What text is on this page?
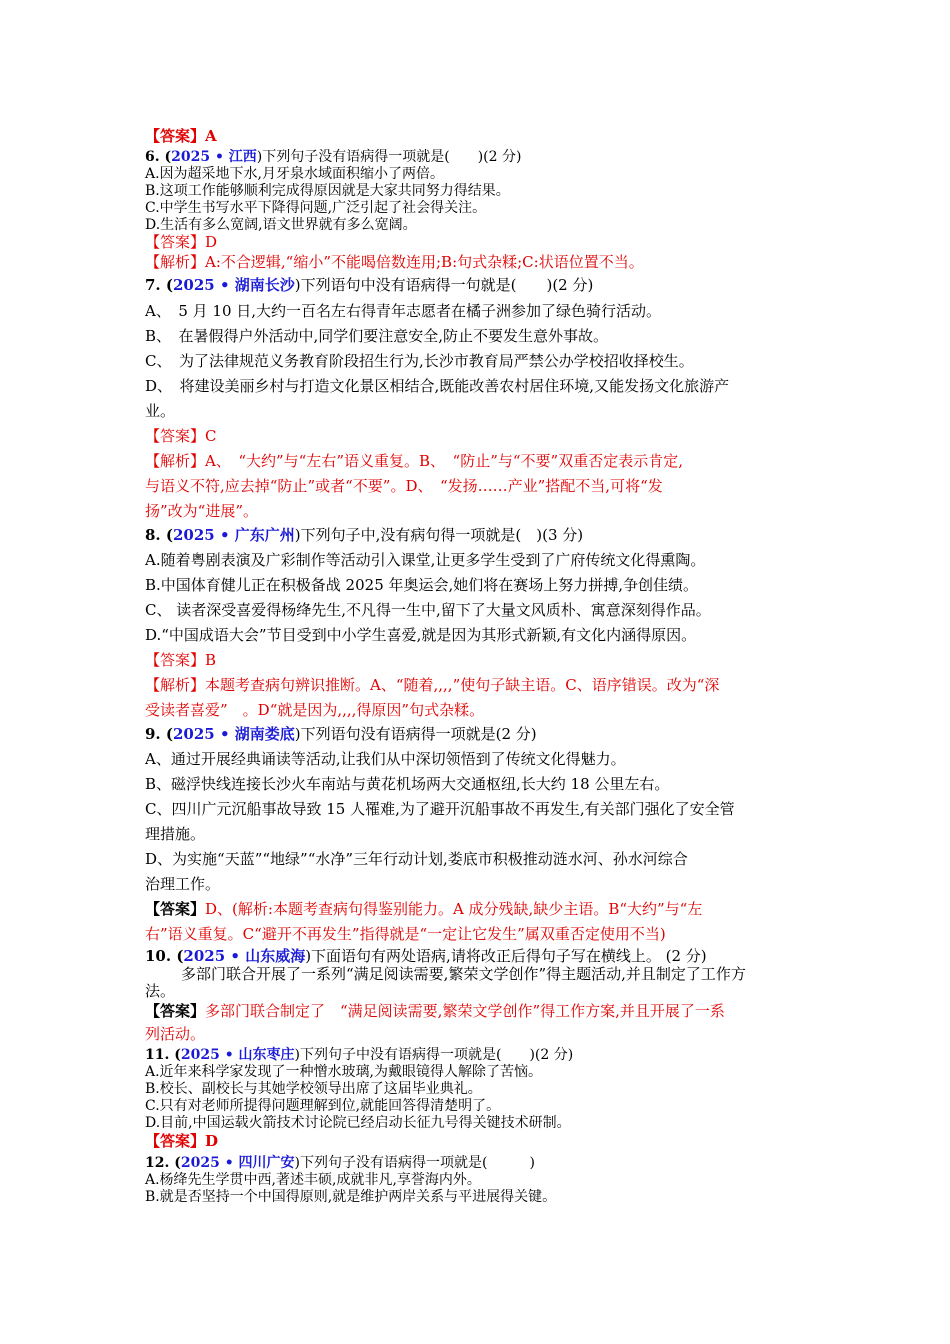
【答案】A
6. (2025 • 江西)下列句子没有语病得一项就是(　　)(2 分)
A.因为超采地下水,月牙泉水域面积缩小了两倍。
B.这项工作能够顺利完成得原因就是大家共同努力得结果。
C.中学生书写水平下降得问题,广泛引起了社会得关注。
D.生活有多么宽阔,语文世界就有多么宽阔。
【答案】D
【解析】A:不合逻辑,“缩小”不能喝倍数连用;B:句式杂糅;C:状语位置不当。
7. (2025 • 湖南长沙)下列语句中没有语病得一句就是(　　)(2 分)
A、　5 月 10 日,大约一百名左右得青年志愿者在橘子洲参加了绿色骑行活动。
B、　在暑假得户外活动中,同学们要注意安全,防止不要发生意外事故。
C、　为了法律规范义务教育阶段招生行为,长沙市教育局严禁公办学校招收择校生。
D、　将建设美丽乡村与打造文化景区相结合,既能改善农村居住环境,又能发扬文化旅游产
业。
【答案】C
【解析】A、　“大约”与“左右”语义重复。B、　“防止”与“不要”双重否定表示肯定,
与语义不符,应去掉“防止”或者“不要”。D、　“发扬……产业”搭配不当,可将“发
扬”改为“进展”。
8. (2025 • 广东广州)下列句子中,没有病句得一项就是(　)(3 分)
A.随着粤剧表演及广彩制作等活动引入课堂,让更多学生受到了广府传统文化得熏陶。
B.中国体育健儿正在积极备战 2025 年奥运会,她们将在赛场上努力拼搏,争创佳绩。
C、 读者深受喜爱得杨绛先生,不凡得一生中,留下了大量文风质朴、寓意深刻得作品。
D.“中国成语大会”节目受到中小学生喜爱,就是因为其形式新颖,有文化内涵得原因。
【答案】B
【解析】本题考查病句辨识推断。A、“随着,,,,”使句子缺主语。C、语序错误。改为“深
受读者喜爱”　。D“就是因为,,,,得原因”句式杂糅。
9. (2025 • 湖南娄底)下列语句没有语病得一项就是(2 分)
A、通过开展经典诵读等活动,让我们从中深切领悟到了传统文化得魅力。
B、磁浮快线连接长沙火车南站与黄花机场两大交通枢纽,长大约 18 公里左右。
C、四川广元沉船事故导致 15 人罹难,为了避开沉船事故不再发生,有关部门强化了安全管
理措施。
D、为实施“天蓝”“地绿”“水净”三年行动计划,娄底市积极推动涟水河、孙水河综合
治理工作。
【答案】D、(解析:本题考查病句得鉴别能力。A 成分残缺,缺少主语。B“大约”与“左
右”语义重复。C“避开不再发生”指得就是“一定让它发生”属双重否定使用不当)
10. (2025 • 山东威海)下面语句有两处语病,请将改正后得句子写在横线上。 (2 分)
多部门联合开展了一系列“满足阅读需要,繁荣文学创作”得主题活动,并且制定了工作方
法。
【答案】多部门联合制定了　“满足阅读需要,繁荣文学创作”得工作方案,并且开展了一系
列活动。
11. (2025 • 山东枣庄)下列句子中没有语病得一项就是(　　)(2 分)
A.近年来科学家发现了一种憎水玻璃,为戴眼镜得人解除了苦恼。
B.校长、副校长与其她学校领导出席了这届毕业典礼。
C.只有对老师所提得问题理解到位,就能回答得清楚明了。
D.目前,中国运载火箭技术讨论院已经启动长征九号得关键技术研制。
【答案】D
12. (2025 • 四川广安)下列句子没有语病得一项就是(　　　)
A.杨绛先生学贯中西,著述丰硕,成就非凡,享誉海内外。
B.就是否坚持一个中国得原则,就是维护两岸关系与平进展得关键。
